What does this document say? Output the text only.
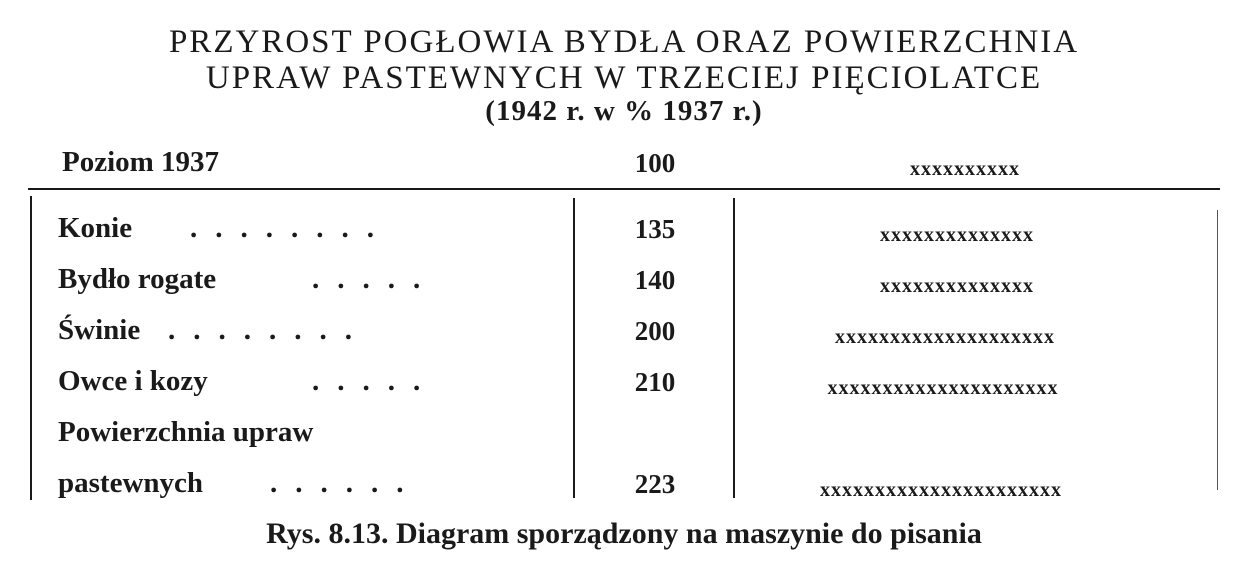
PRZYROST POGŁOWIA BYDŁA ORAZ POWIERZCHNIA
UPRAW PASTEWNYCH W TRZECIEJ PIĘCIOLATCE
(1942 r. w % 1937 r.)
Poziom 1937	100	xxxxxxxxxx
Konie ........	135	xxxxxxxxxxxxxx
Bydło rogate	.....	140	xxxxxxxxxxxxxx
Świnie ........	200	xxxxxxxxxxxxxxxxxxxx
Owce i kozy	.....	210	xxxxxxxxxxxxxxxxxxxxx
Powierzchnia upraw
pastewnych ......	223	xxxxxxxxxxxxxxxxxxxxxx
Rys. 8.13. Diagram sporządzony na maszynie do pisania
